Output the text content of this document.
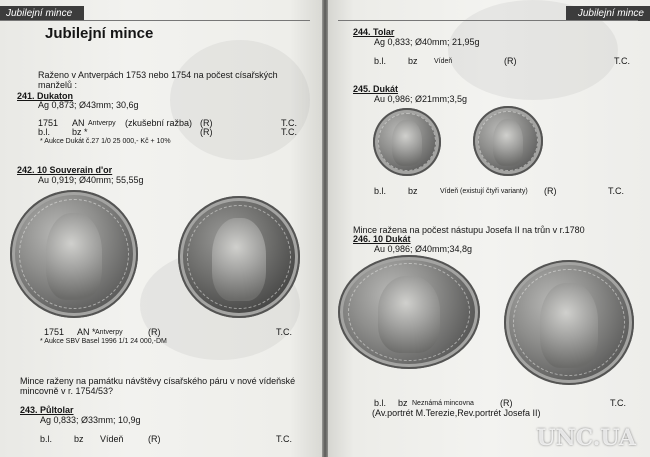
Jubilejní mince
Jubilejní mince
Raženo v Antverpách 1753 nebo 1754 na počest císařských
manželů :
241. Dukaton
Ag 0,873; Ø43mm; 30,6g
1751 AN Antverpy (zkušební ražba) (R)	T.C.
b.l. bz *	(R)	T.C.
* Aukce Dukát č.27 1/0 25 000,- Kč + 10%
242. 10 Souverain d'or
Au 0,919; Ø40mm; 55,55g
1751 AN * Antverpy	(R)	T.C.
* Aukce SBV Basel 1996 1/1 24 000,-DM
Mince raženy na památku návštěvy císařského páru v nové vídeňské
mincovně v r. 1754/53?
243. Půltolar
Ag 0,833; Ø33mm; 10,9g
b.l. bz Vídeň	(R)	T.C.
Jubilejní mince
244. Tolar
Ag 0,833; Ø40mm; 21,95g
b.l. bz Vídeň	(R)	T.C.
245. Dukát
Au 0,986; Ø21mm;3,5g
b.l. bz	Vídeň (existují čtyři varianty) (R)	T.C.
Mince ražena na počest nástupu Josefa II na trůn v r.1780
246. 10 Dukát
Au 0,986; Ø40mm;34,8g
b.l. bz Neznámá mincovna	(R)	T.C.
(Av.portrét M.Terezie,Rev.portrét Josefa II)
UNC.UA
